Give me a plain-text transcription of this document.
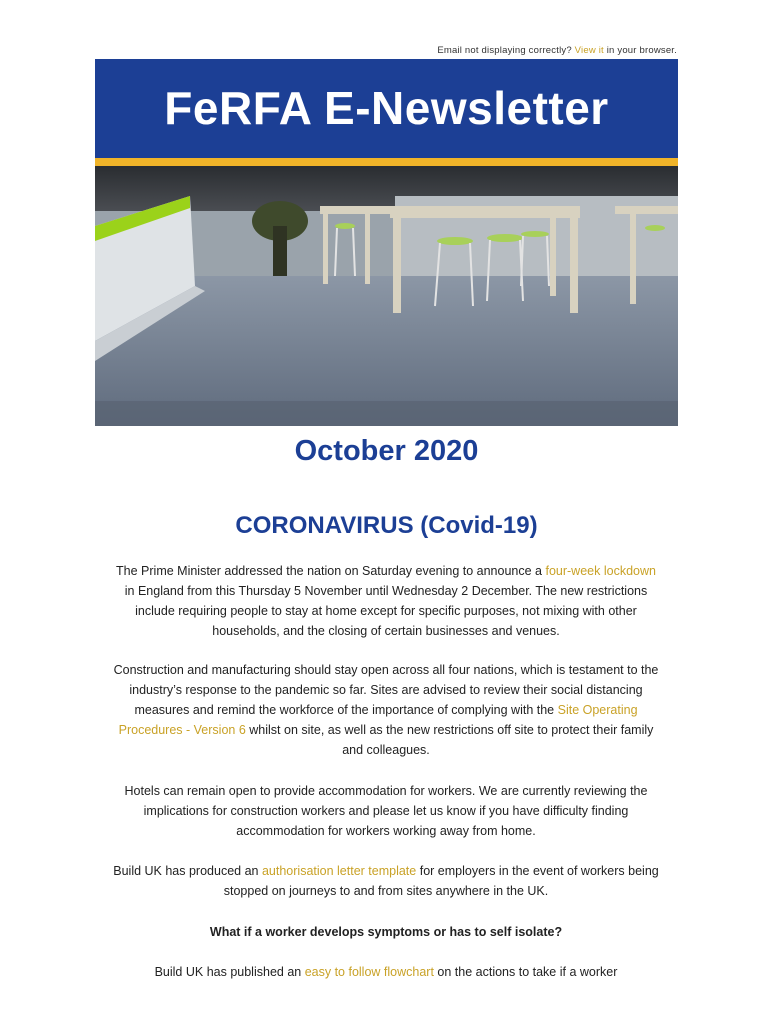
Email not displaying correctly? View it in your browser.
FeRFA E-Newsletter
October 2020
CORONAVIRUS (Covid-19)

The Prime Minister addressed the nation on Saturday evening to announce a four-week lockdown in England from this Thursday 5 November until Wednesday 2 December. The new restrictions include requiring people to stay at home except for specific purposes, not mixing with other households, and the closing of certain businesses and venues.

Construction and manufacturing should stay open across all four nations, which is testament to the industry’s response to the pandemic so far. Sites are advised to review their social distancing measures and remind the workforce of the importance of complying with the Site Operating Procedures - Version 6 whilst on site, as well as the new restrictions off site to protect their family and colleagues.

Hotels can remain open to provide accommodation for workers. We are currently reviewing the implications for construction workers and please let us know if you have difficulty finding accommodation for workers working away from home.

Build UK has produced an authorisation letter template for employers in the event of workers being stopped on journeys to and from sites anywhere in the UK.

What if a worker develops symptoms or has to self isolate?

Build UK has published an easy to follow flowchart on the actions to take if a worker
